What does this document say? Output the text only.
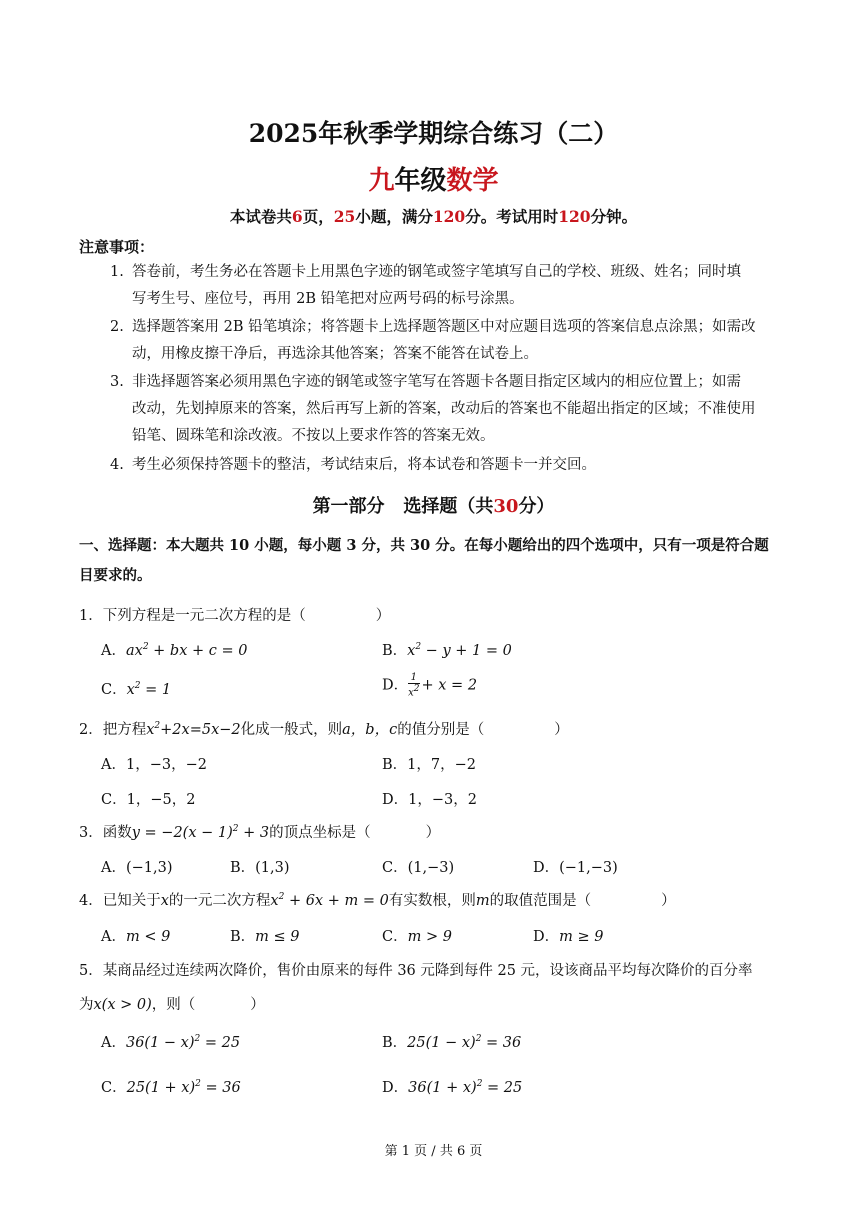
2025年秋季学期综合练习（二）
九年级数学
本试卷共6页，25小题，满分120分。考试用时120分钟。
注意事项：
1. 答卷前，考生务必在答题卡上用黑色字迹的钢笔或签字笔填写自己的学校、班级、姓名；同时填
写考生号、座位号，再用 2B 铅笔把对应两号码的标号涂黑。
2. 选择题答案用 2B 铅笔填涂；将答题卡上选择题答题区中对应题目选项的答案信息点涂黑；如需改
动，用橡皮擦干净后，再选涂其他答案；答案不能答在试卷上。
3. 非选择题答案必须用黑色字迹的钢笔或签字笔写在答题卡各题目指定区域内的相应位置上；如需
改动，先划掉原来的答案，然后再写上新的答案，改动后的答案也不能超出指定的区域；不准使用
铅笔、圆珠笔和涂改液。不按以上要求作答的答案无效。
4. 考生必须保持答题卡的整洁，考试结束后，将本试卷和答题卡一并交回。
第一部分 选择题（共30分）
一、选择题：本大题共 10 小题，每小题 3 分，共 30 分。在每小题给出的四个选项中，只有一项是符合题
目要求的。
1．下列方程是一元二次方程的是（	）
A．$ax^2$ + bx + c = 0	B．$x^2 - y + 1 = 0$
C．$x^2 = 1$	D． $\frac{1}{x^2} + x = 2$
2．把方程$x^2+2x=5x-2$化成一般式，则a，b，c的值分别是（	）
A．1，−3，−2	B．1，7，−2
C．1，−5，2	D．1，−3，2
3．函数$y = -2(x - 1)^2 + 3$的顶点坐标是（	）
A．(−1,3)	B．(1,3)	C．(1,−3)	D．(−1,−3)
4．已知关于x的一元二次方程$x^2 + 6x + m = 0$有实数根，则m的取值范围是（	）
A．m < 9	B．m ≤ 9	C．m > 9	D．m ≥ 9
5．某商品经过连续两次降价，售价由原来的每件 36 元降到每件 25 元，设该商品平均每次降价的百分率
为x(x > 0)，则（	）
A．$36(1 - x)^2 = 25$	B．$25(1 - x)^2 = 36$
C．$25(1 + x)^2 = 36$	D．$36(1 + x)^2 = 25$
第 1 页 / 共 6 页
